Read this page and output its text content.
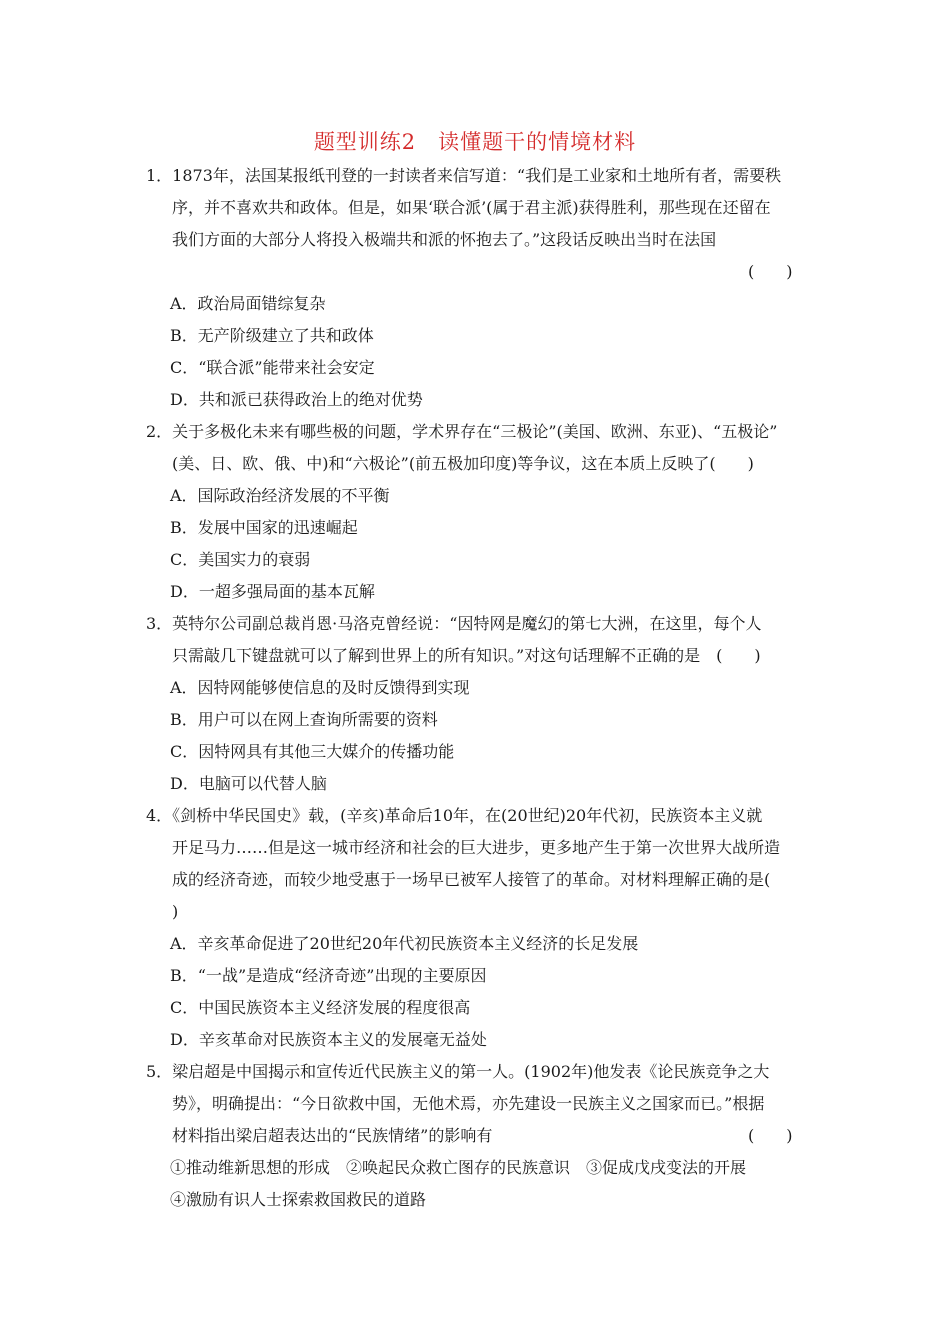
题型训练2　读懂题干的情境材料
1．1873年，法国某报纸刊登的一封读者来信写道：“我们是工业家和土地所有者，需要秩
序，并不喜欢共和政体。但是，如果‘联合派’(属于君主派)获得胜利，那些现在还留在
我们方面的大部分人将投入极端共和派的怀抱去了。”这段话反映出当时在法国
(　　)
A．政治局面错综复杂
B．无产阶级建立了共和政体
C．“联合派”能带来社会安定
D．共和派已获得政治上的绝对优势
2．关于多极化未来有哪些极的问题，学术界存在“三极论”(美国、欧洲、东亚)、“五极论”
(美、日、欧、俄、中)和“六极论”(前五极加印度)等争议，这在本质上反映了(　　)
A．国际政治经济发展的不平衡
B．发展中国家的迅速崛起
C．美国实力的衰弱
D．一超多强局面的基本瓦解
3．英特尔公司副总裁肖恩·马洛克曾经说：“因特网是魔幻的第七大洲，在这里，每个人
只需敲几下键盘就可以了解到世界上的所有知识。”对这句话理解不正确的是　(　　)
A．因特网能够使信息的及时反馈得到实现
B．用户可以在网上查询所需要的资料
C．因特网具有其他三大媒介的传播功能
D．电脑可以代替人脑
4．《剑桥中华民国史》载，(辛亥)革命后10年，在(20世纪)20年代初，民族资本主义就
开足马力……但是这一城市经济和社会的巨大进步，更多地产生于第一次世界大战所造
成的经济奇迹，而较少地受惠于一场早已被军人接管了的革命。对材料理解正确的是(
)
A．辛亥革命促进了20世纪20年代初民族资本主义经济的长足发展
B．“一战”是造成“经济奇迹”出现的主要原因
C．中国民族资本主义经济发展的程度很高
D．辛亥革命对民族资本主义的发展毫无益处
5．梁启超是中国揭示和宣传近代民族主义的第一人。(1902年)他发表《论民族竞争之大
势》，明确提出：“今日欲救中国，无他术焉，亦先建设一民族主义之国家而已。”根据
材料指出梁启超表达出的“民族情绪”的影响有	(　　)
①推动维新思想的形成　②唤起民众救亡图存的民族意识　③促成戊戌变法的开展
④激励有识人士探索救国救民的道路
